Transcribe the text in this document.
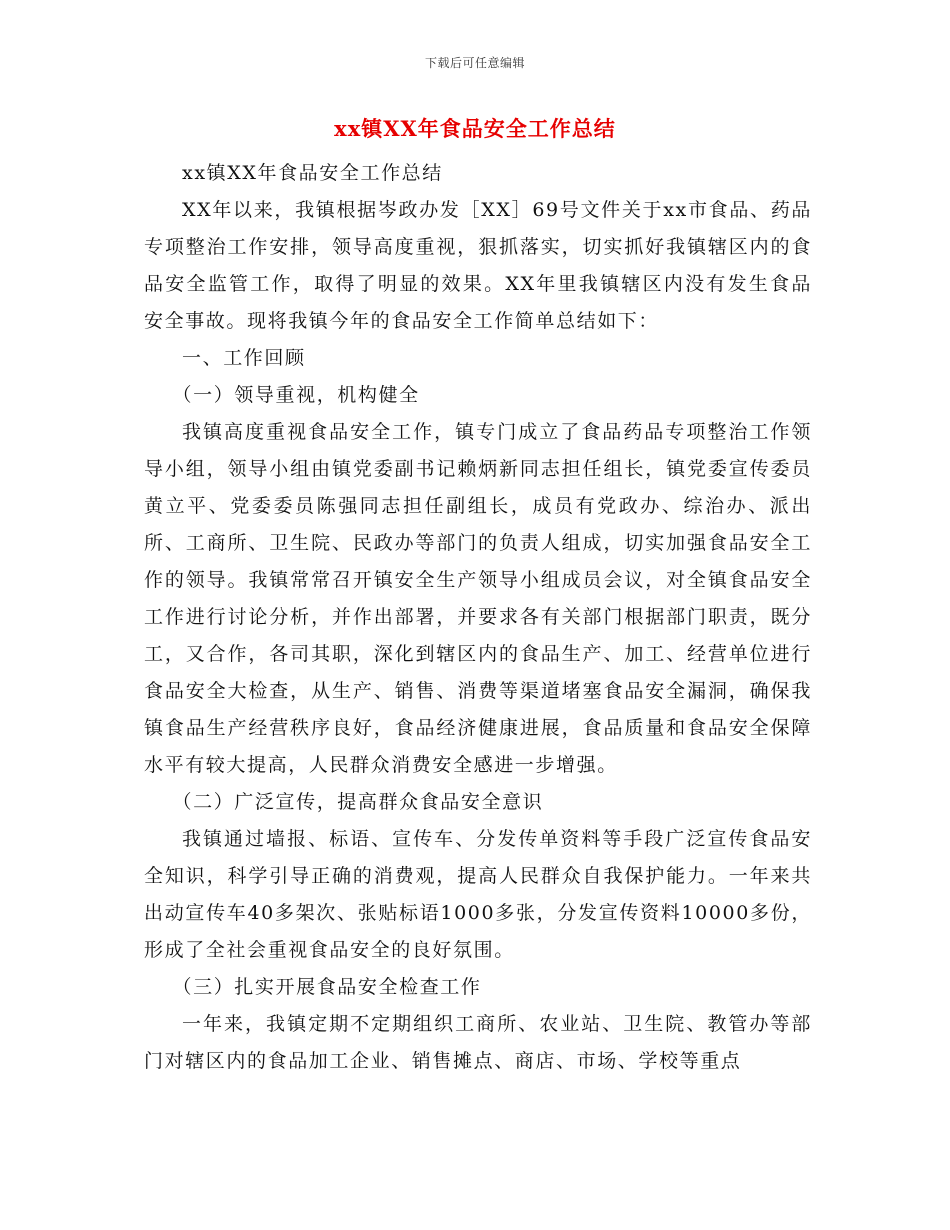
下载后可任意编辑
xx镇XX年食品安全工作总结

xx镇XX年食品安全工作总结

XX年以来，我镇根据岑政办发［XX］69号文件关于xx市食品、药品专项整治工作安排，领导高度重视，狠抓落实，切实抓好我镇辖区内的食品安全监管工作，取得了明显的效果。XX年里我镇辖区内没有发生食品安全事故。现将我镇今年的食品安全工作简单总结如下：

一、工作回顾

（一）领导重视，机构健全

我镇高度重视食品安全工作，镇专门成立了食品药品专项整治工作领导小组，领导小组由镇党委副书记赖炳新同志担任组长，镇党委宣传委员黄立平、党委委员陈强同志担任副组长，成员有党政办、综治办、派出所、工商所、卫生院、民政办等部门的负责人组成，切实加强食品安全工作的领导。我镇常常召开镇安全生产领导小组成员会议，对全镇食品安全工作进行讨论分析，并作出部署，并要求各有关部门根据部门职责，既分工，又合作，各司其职，深化到辖区内的食品生产、加工、经营单位进行食品安全大检查，从生产、销售、消费等渠道堵塞食品安全漏洞，确保我镇食品生产经营秩序良好，食品经济健康进展，食品质量和食品安全保障水平有较大提高，人民群众消费安全感进一步增强。

（二）广泛宣传，提高群众食品安全意识

我镇通过墙报、标语、宣传车、分发传单资料等手段广泛宣传食品安全知识，科学引导正确的消费观，提高人民群众自我保护能力。一年来共出动宣传车40多架次、张贴标语1000多张，分发宣传资料10000多份，形成了全社会重视食品安全的良好氛围。

（三）扎实开展食品安全检查工作

一年来，我镇定期不定期组织工商所、农业站、卫生院、教管办等部门对辖区内的食品加工企业、销售摊点、商店、市场、学校等重点
